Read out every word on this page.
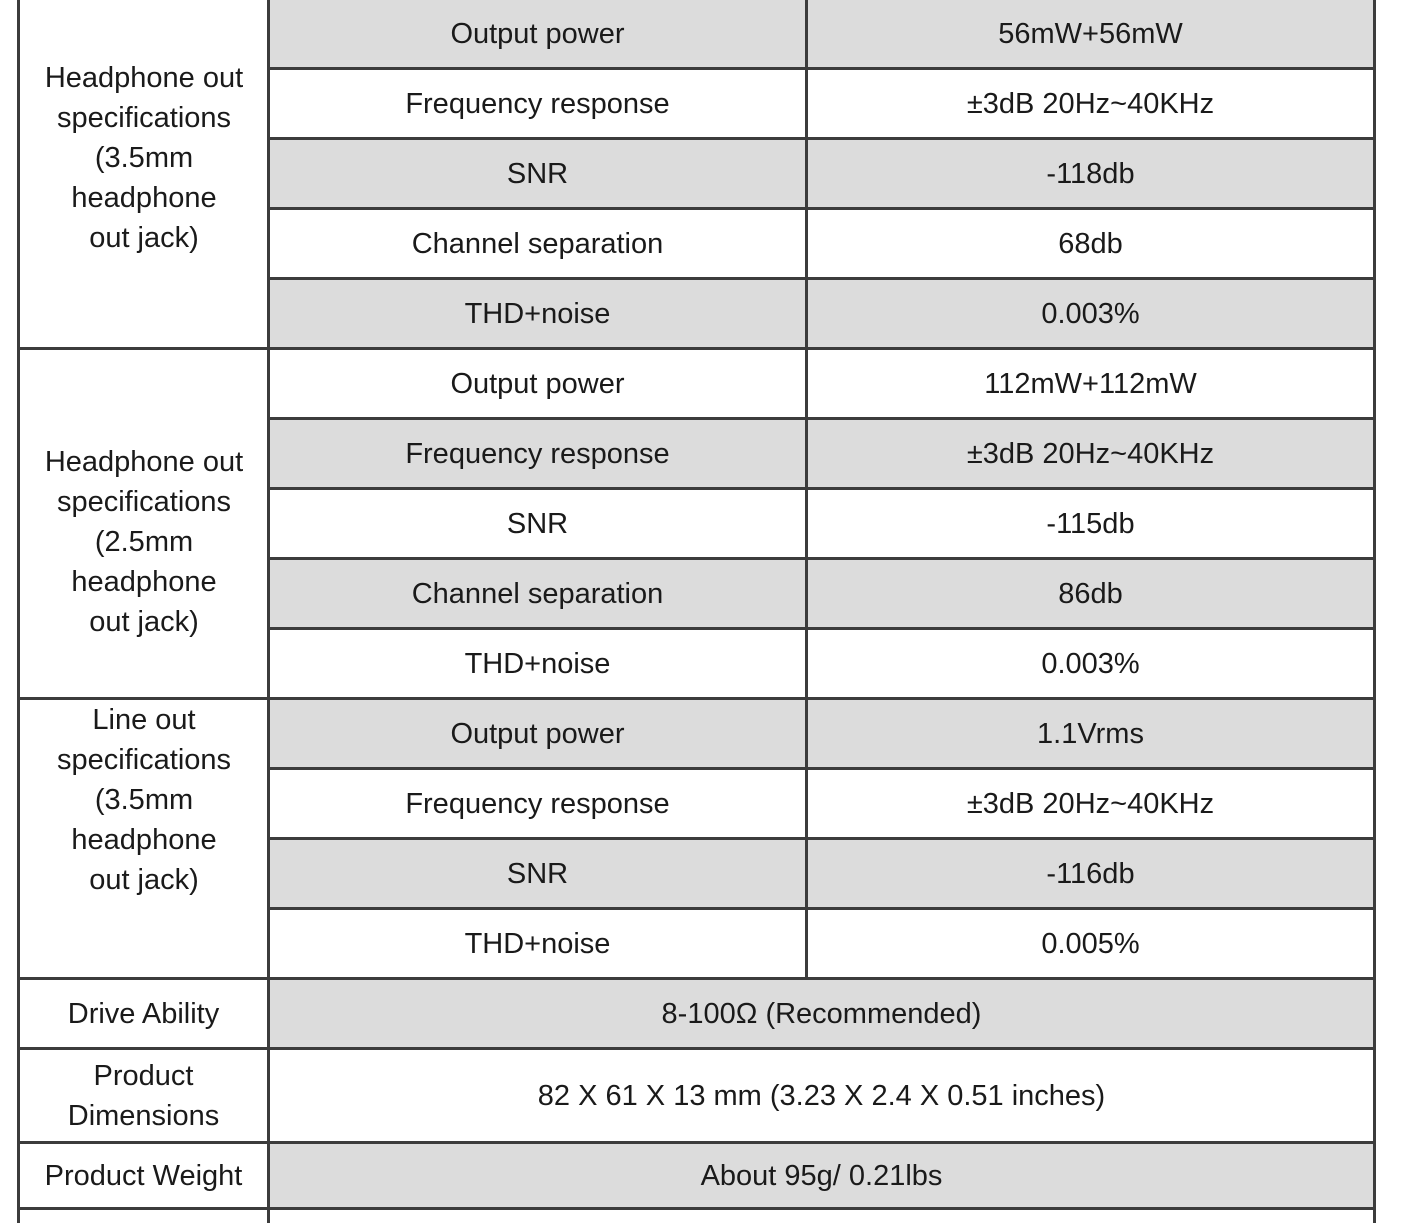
Headphone out
specifications
(3.5mm
headphone
out jack)	Output power	56mW+56mW
	Frequency response	±3dB 20Hz~40KHz
	SNR	-118db
	Channel separation	68db
	THD+noise	0.003%
Headphone out
specifications
(2.5mm headphone
out jack)	Output power	112mW+112mW
	Frequency response	±3dB 20Hz~40KHz
	SNR	-115db
	Channel separation	86db
	THD+noise	0.003%
Line out
specifications
(3.5mm headphone
out jack)	Output power	1.1Vrms
	Frequency response	±3dB 20Hz~40KHz
	SNR	-116db
	THD+noise	0.005%
Drive Ability	8-100Ω (Recommended)	
Product
Dimensions	82 X 61 X 13 mm (3.23 X 2.4 X 0.51 inches)	
Product Weight	About 95g/ 0.21lbs	
